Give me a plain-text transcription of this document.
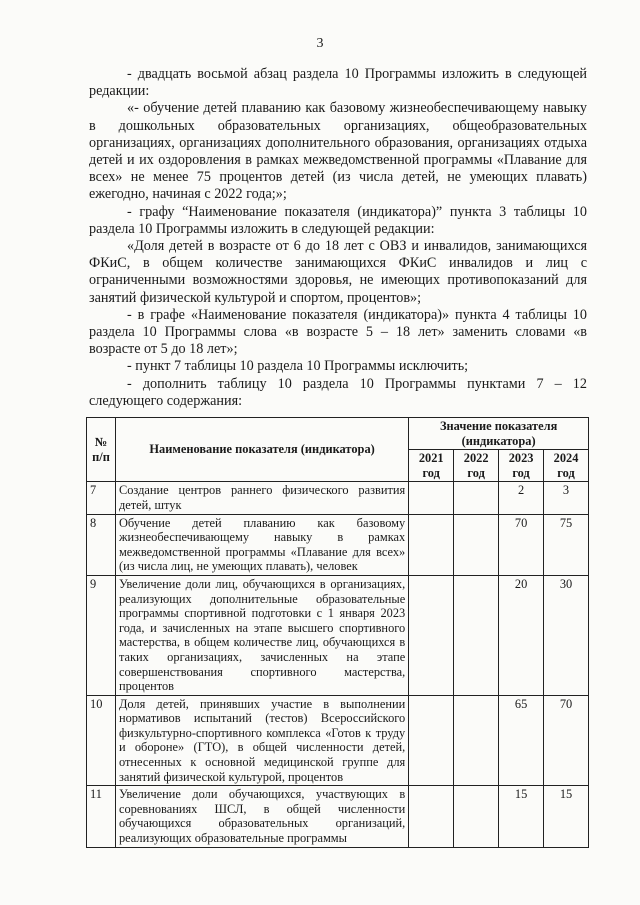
3

- двадцать восьмой абзац раздела 10 Программы изложить в следующей редакции:

«- обучение детей плаванию как базовому жизнеобеспечивающему навыку в дошкольных образовательных организациях, общеобразовательных организациях, организациях дополнительного образования, организациях отдыха детей и их оздоровления в рамках межведомственной программы «Плавание для всех» не менее 75 процентов детей (из числа детей, не умеющих плавать) ежегодно, начиная с 2022 года;»;

- графу “Наименование показателя (индикатора)” пункта 3 таблицы 10 раздела 10 Программы изложить в следующей редакции:

«Доля детей в возрасте от 6 до 18 лет с ОВЗ и инвалидов, занимающихся ФКиС, в общем количестве занимающихся ФКиС инвалидов и лиц с ограниченными возможностями здоровья, не имеющих противопоказаний для занятий физической культурой и спортом, процентов»;

- в графе «Наименование показателя (индикатора)» пункта 4 таблицы 10 раздела 10 Программы слова «в возрасте 5 – 18 лет» заменить словами «в возрасте от 5 до 18 лет»;

- пункт 7 таблицы 10 раздела 10 Программы исключить;

- дополнить таблицу 10 раздела 10 Программы пунктами 7 – 12 следующего содержания:

№ п/п	Наименование показателя (индикатора)	Значение показателя (индикатора)			
		2021 год	2022 год	2023 год	2024 год
7	Создание центров раннего физического развития детей, штук			2	3
8	Обучение детей плаванию как базовому жизнеобеспечивающему навыку в рамках межведомственной программы «Плавание для всех» (из числа лиц, не умеющих плавать), человек			70	75
9	Увеличение доли лиц, обучающихся в организациях, реализующих дополнительные образовательные программы спортивной подготовки с 1 января 2023 года, и зачисленных на этапе высшего спортивного мастерства, в общем количестве лиц, обучающихся в таких организациях, зачисленных на этапе совершенствования спортивного мастерства, процентов			20	30
10	Доля детей, принявших участие в выполнении нормативов испытаний (тестов) Всероссийского физкультурно-спортивного комплекса «Готов к труду и обороне» (ГТО), в общей численности детей, отнесенных к основной медицинской группе для занятий физической культурой, процентов			65	70
11	Увеличение доли обучающихся, участвующих в соревнованиях ШСЛ, в общей численности обучающихся образовательных организаций, реализующих образовательные программы			15	15
